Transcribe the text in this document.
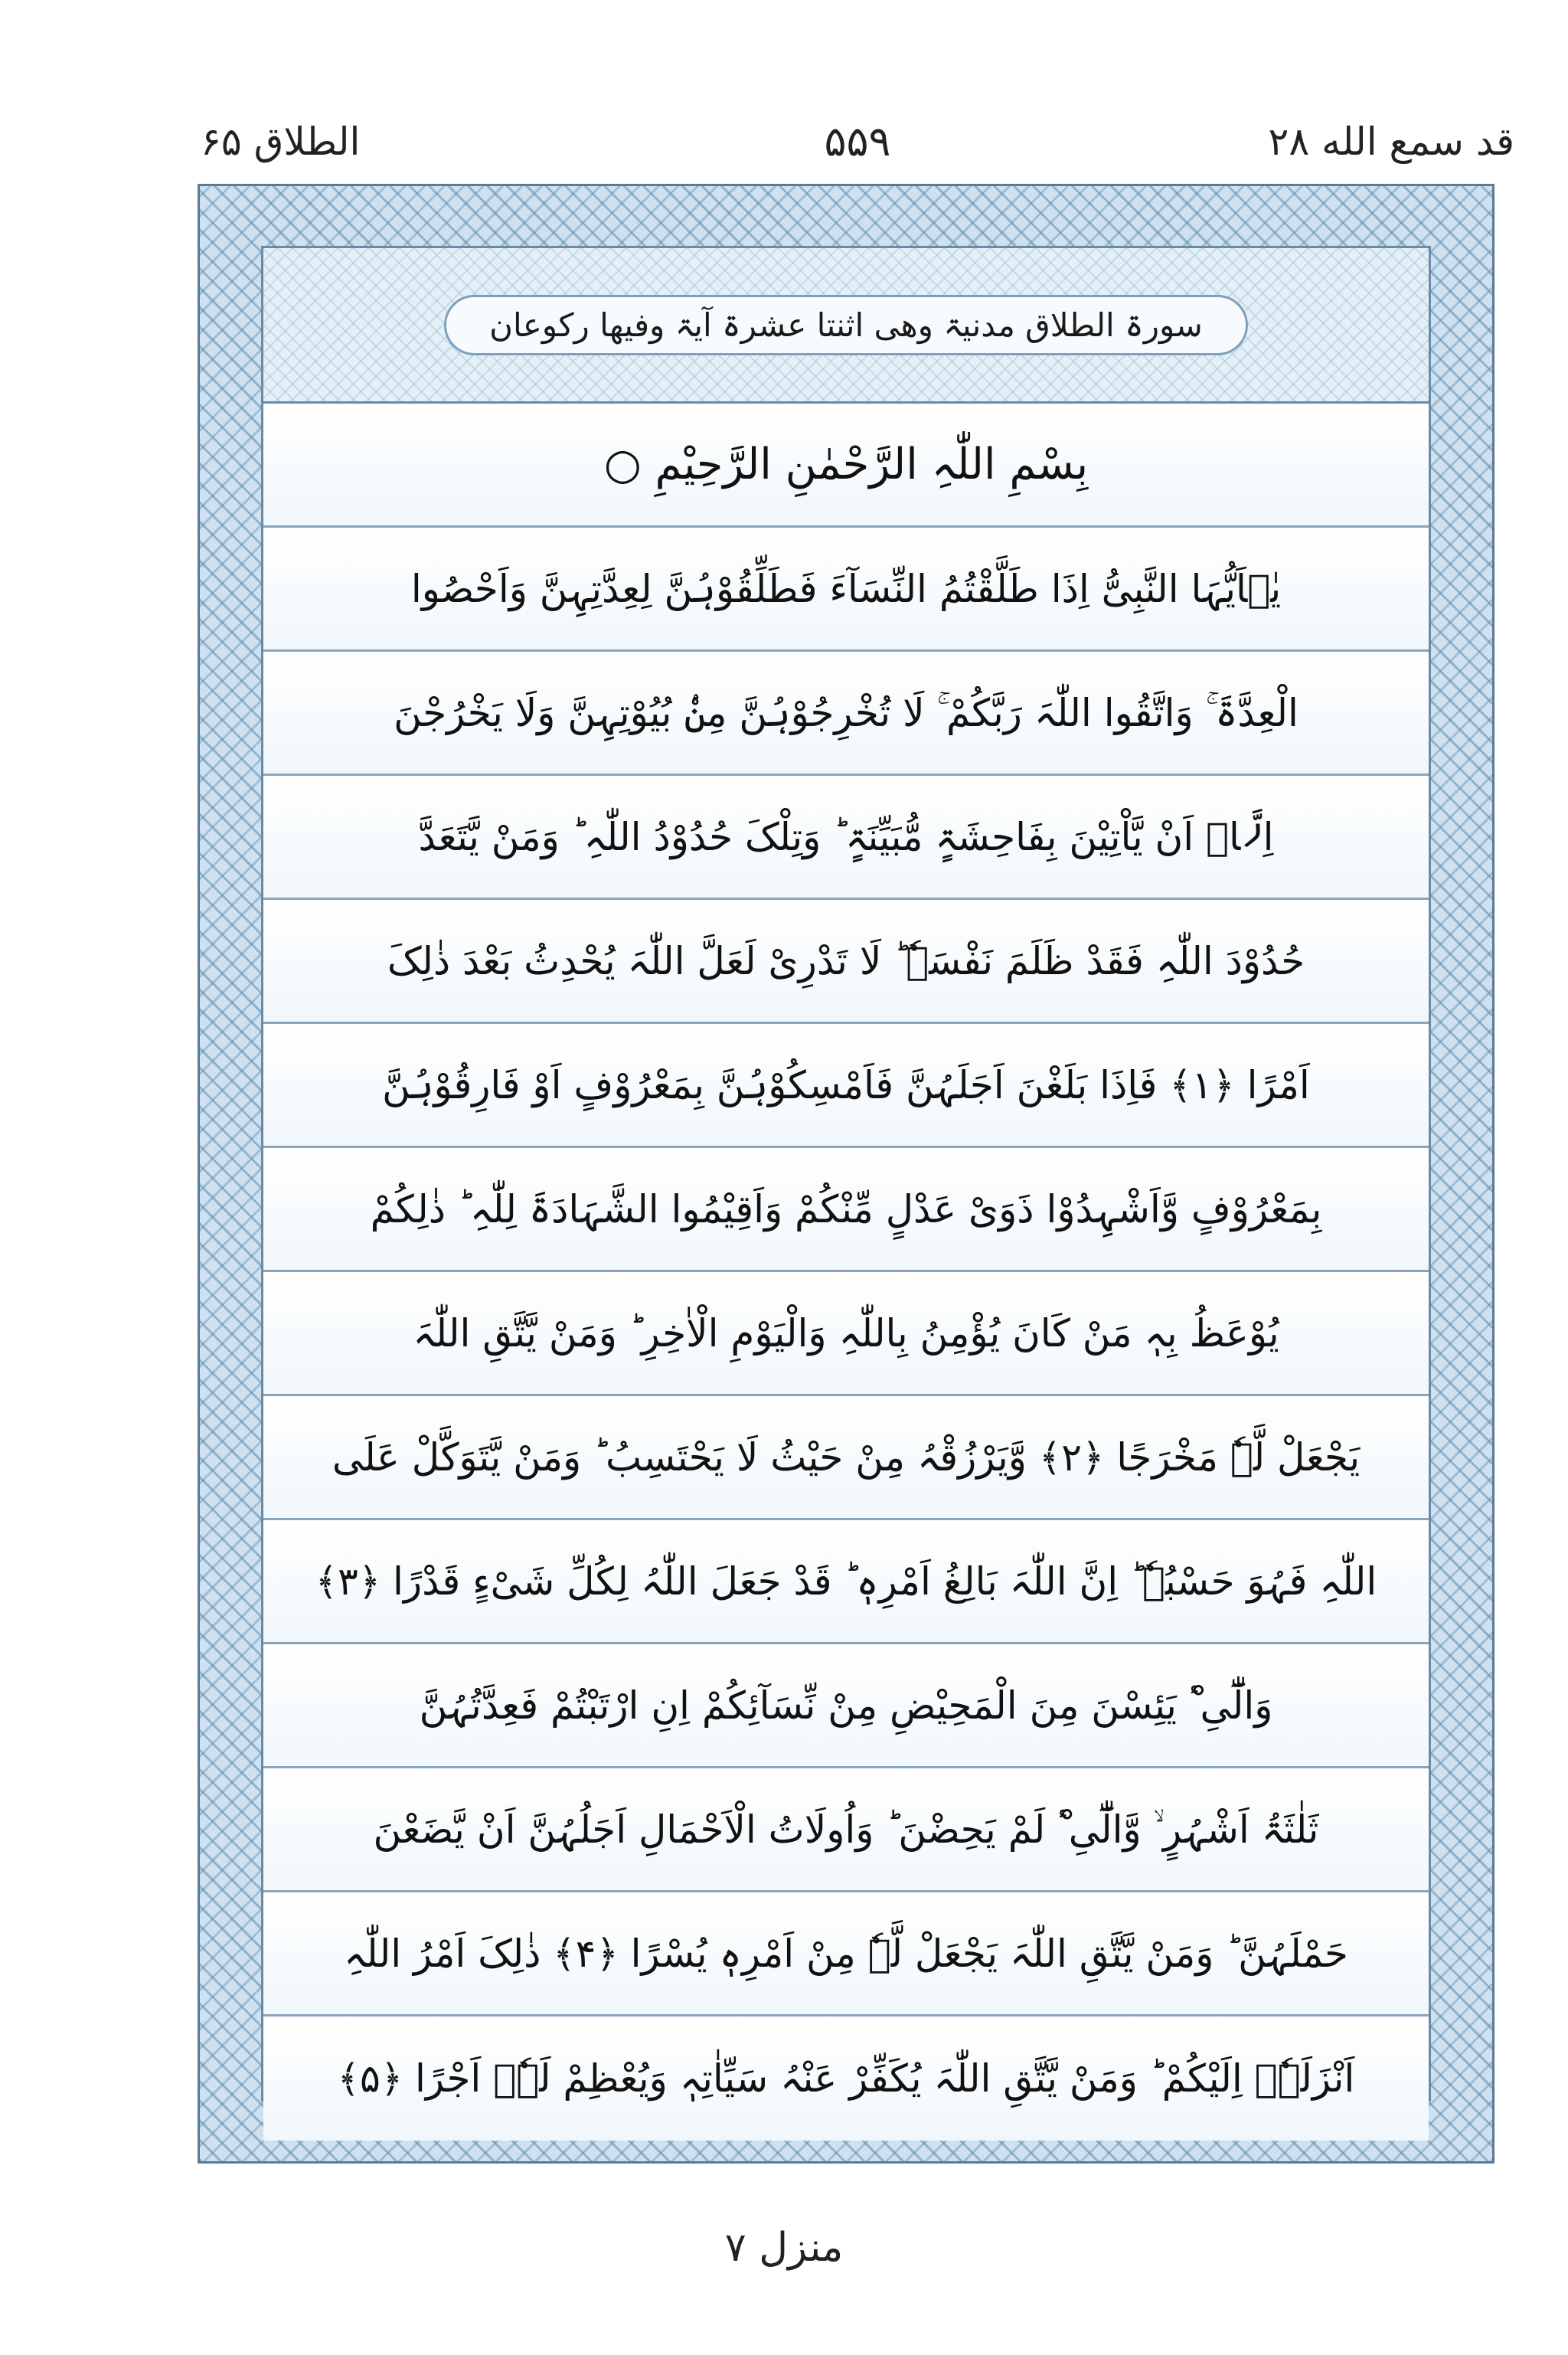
قد سمع الله ۲۸
۵۵۹
الطلاق ۶۵
سورۃ الطلاق مدنیۃ وھی اثنتا عشرۃ آیۃ وفیھا رکوعان
بِسْمِ اللّٰہِ الرَّحْمٰنِ الرَّحِیْمِ ○
یٰۤاَیُّہَا النَّبِیُّ اِذَا طَلَّقْتُمُ النِّسَآءَ فَطَلِّقُوْہُنَّ لِعِدَّتِہِنَّ وَاَحْصُوا
الْعِدَّۃَ ۚ وَاتَّقُوا اللّٰہَ رَبَّکُمْ ۚ لَا تُخْرِجُوْہُنَّ مِنْۢ بُیُوْتِہِنَّ وَلَا یَخْرُجْنَ
اِلَّاۤ اَنْ یَّاْتِیْنَ بِفَاحِشَۃٍ مُّبَیِّنَۃٍ ؕ وَتِلْکَ حُدُوْدُ اللّٰہِ ؕ وَمَنْ یَّتَعَدَّ
حُدُوْدَ اللّٰہِ فَقَدْ ظَلَمَ نَفْسَہٗ ؕ لَا تَدْرِیْ لَعَلَّ اللّٰہَ یُحْدِثُ بَعْدَ ذٰلِکَ
اَمْرًا ﴿۱﴾ فَاِذَا بَلَغْنَ اَجَلَہُنَّ فَاَمْسِکُوْہُنَّ بِمَعْرُوْفٍ اَوْ فَارِقُوْہُنَّ
بِمَعْرُوْفٍ وَّاَشْہِدُوْا ذَوَیْ عَدْلٍ مِّنْکُمْ وَاَقِیْمُوا الشَّہَادَۃَ لِلّٰہِ ؕ ذٰلِکُمْ
یُوْعَظُ بِہٖ مَنْ کَانَ یُؤْمِنُ بِاللّٰہِ وَالْیَوْمِ الْاٰخِرِ ؕ وَمَنْ یَّتَّقِ اللّٰہَ
یَجْعَلْ لَّہٗ مَخْرَجًا ﴿۲﴾ وَّیَرْزُقْہُ مِنْ حَیْثُ لَا یَحْتَسِبُ ؕ وَمَنْ یَّتَوَکَّلْ عَلَی
اللّٰہِ فَہُوَ حَسْبُہٗ ؕ اِنَّ اللّٰہَ بَالِغُ اَمْرِہٖ ؕ قَدْ جَعَلَ اللّٰہُ لِکُلِّ شَیْءٍ قَدْرًا ﴿۳﴾
وَالّٰٓیِٴْ یَئِسْنَ مِنَ الْمَحِیْضِ مِنْ نِّسَآئِکُمْ اِنِ ارْتَبْتُمْ فَعِدَّتُہُنَّ
ثَلٰثَۃُ اَشْہُرٍ ۙ وَّالّٰٓیِٴْ لَمْ یَحِضْنَ ؕ وَاُولَاتُ الْاَحْمَالِ اَجَلُہُنَّ اَنْ یَّضَعْنَ
حَمْلَہُنَّ ؕ وَمَنْ یَّتَّقِ اللّٰہَ یَجْعَلْ لَّہٗ مِنْ اَمْرِہٖ یُسْرًا ﴿۴﴾ ذٰلِکَ اَمْرُ اللّٰہِ
اَنْزَلَہٗۤ اِلَیْکُمْ ؕ وَمَنْ یَّتَّقِ اللّٰہَ یُکَفِّرْ عَنْہُ سَیِّاٰتِہٖ وَیُعْظِمْ لَہٗۤ اَجْرًا ﴿۵﴾
منزل ۷
